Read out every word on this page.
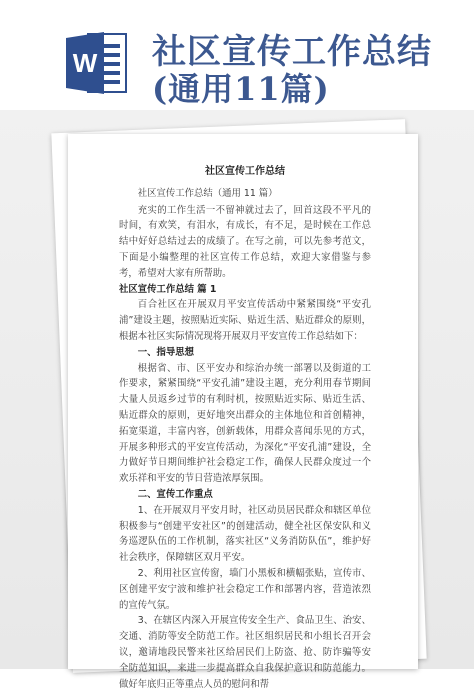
W 社区宣传工作总结
(通用11篇)

社区宣传工作总结

社区宣传工作总结（通用 11 篇）

充实的工作生活一不留神就过去了，回首这段不平凡的时间，有欢笑，有泪水，有成长，有不足，是时候在工作总结中好好总结过去的成绩了。在写之前，可以先参考范文，下面是小编整理的社区宣传工作总结，欢迎大家借鉴与参考，希望对大家有所帮助。

社区宣传工作总结 篇 1

百合社区在开展双月平安宣传活动中紧紧围绕“平安孔浦”建设主题，按照贴近实际、贴近生活、贴近群众的原则，根据本社区实际情况现将开展双月平安宣传工作总结如下：

一、指导思想

根据省、市、区平安办和综治办统一部署以及街道的工作要求，紧紧围绕“平安孔浦”建设主题，充分利用春节期间大量人员返乡过节的有利时机，按照贴近实际、贴近生活、贴近群众的原则，更好地突出群众的主体地位和首创精神，拓宽渠道，丰富内容，创新载体，用群众喜闻乐见的方式，开展多种形式的平安宣传活动，为深化“平安孔浦”建设，全力做好节日期间维护社会稳定工作，确保人民群众度过一个欢乐祥和平安的节日营造浓厚氛围。

二、宣传工作重点

1、在开展双月平安月时，社区动员居民群众和辖区单位积极参与“创建平安社区”的创建活动，健全社区保安队和义务巡逻队伍的工作机制，落实社区“义务消防队伍”，维护好社会秩序，保障辖区双月平安。

2、利用社区宣传窗，墙门小黑板和横幅张贴，宣传市、区创建平安宁波和维护社会稳定工作和部署内容，营造浓烈的宣传气氛。

3、在辖区内深入开展宣传安全生产、食品卫生、治安、交通、消防等安全防范工作。社区组织居民和小组长召开会议，邀请地段民警来社区给居民们上防盗、抢、防诈骗等安全防范知识，来进一步提高群众自我保护意识和防范能力。做好年底归正等重点人员的慰问和帮
